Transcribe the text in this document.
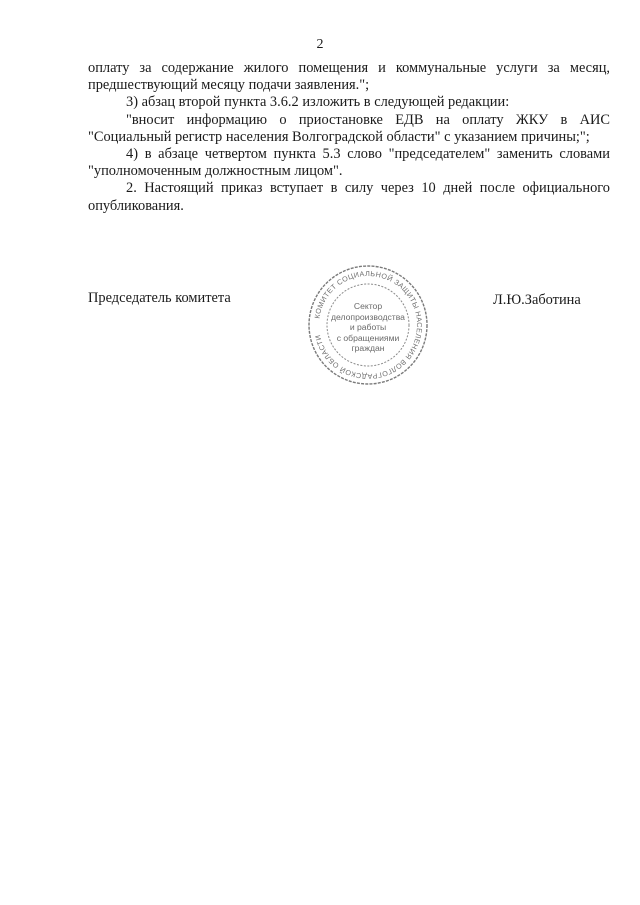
2

оплату за содержание жилого помещения и коммунальные услуги за месяц, предшествующий месяцу подачи заявления.";

3) абзац второй пункта 3.6.2 изложить в следующей редакции:

"вносит информацию о приостановке ЕДВ на оплату ЖКУ в АИС "Социальный регистр населения Волгоградской области" с указанием причины;";

4) в абзаце четвертом пункта 5.3 слово "председателем" заменить словами "уполномоченным должностным лицом".

2. Настоящий приказ вступает в силу через 10 дней после официального опубликования.

Председатель комитета
КОМИТЕТ СОЦИАЛЬНОЙ ЗАЩИТЫ НАСЕЛЕНИЯ ВОЛГОГРАДСКОЙ ОБЛАСТИ
Сектор
делопроизводства
и работы
с обращениями
граждан
Л.Ю.Заботина
